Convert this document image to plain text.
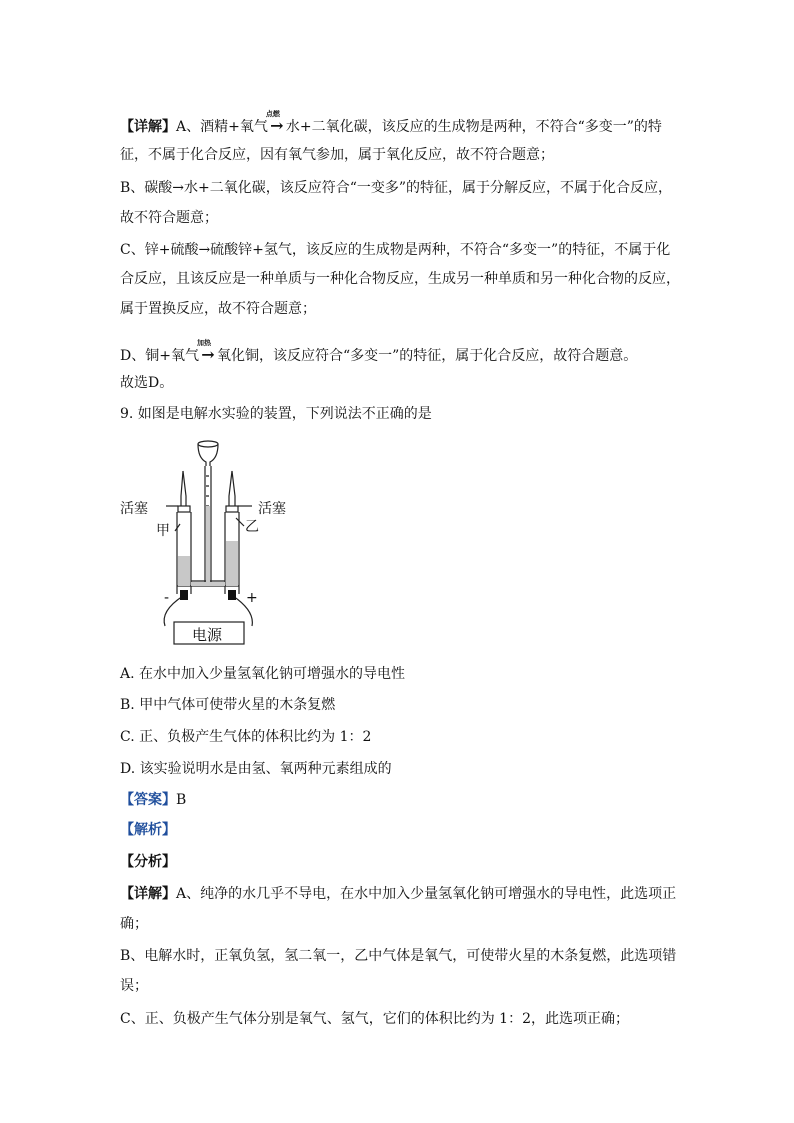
【详解】A、酒精+氧气
点燃
→ 水+二氧化碳，该反应的生成物是两种，不符合“多变一”的特
征，不属于化合反应，因有氧气参加，属于氧化反应，故不符合题意；
B、碳酸→水+二氧化碳，该反应符合“一变多”的特征，属于分解反应，不属于化合反应，
故不符合题意；
C、锌+硫酸→硫酸锌+氢气，该反应的生成物是两种，不符合“多变一”的特征，不属于化
合反应，且该反应是一种单质与一种化合物反应，生成另一种单质和另一种化合物的反应，
属于置换反应，故不符合题意；
D、铜+氧气
加热
→ 氧化铜，该反应符合“多变一”的特征，属于化合反应，故符合题意。
故选D。
9. 如图是电解水实验的装置，下列说法不正确的是
活塞	活塞
甲	乙
-	+
电源
A. 在水中加入少量氢氧化钠可增强水的导电性
B. 甲中气体可使带火星的木条复燃
C. 正、负极产生气体的体积比约为 1：2
D. 该实验说明水是由氢、氧两种元素组成的
【答案】B
【解析】
【分析】
【详解】A、纯净的水几乎不导电，在水中加入少量氢氧化钠可增强水的导电性，此选项正
确；
B、电解水时，正氧负氢，氢二氧一，乙中气体是氧气，可使带火星的木条复燃，此选项错
误；
C、正、负极产生气体分别是氧气、氢气，它们的体积比约为 1：2，此选项正确；
